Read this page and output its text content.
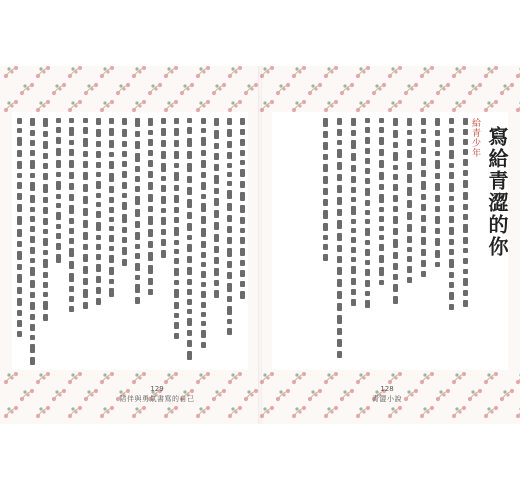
給青少年 寫給青澀的你
129
陪伴與勇氣書寫的自己
128
青澀小說
